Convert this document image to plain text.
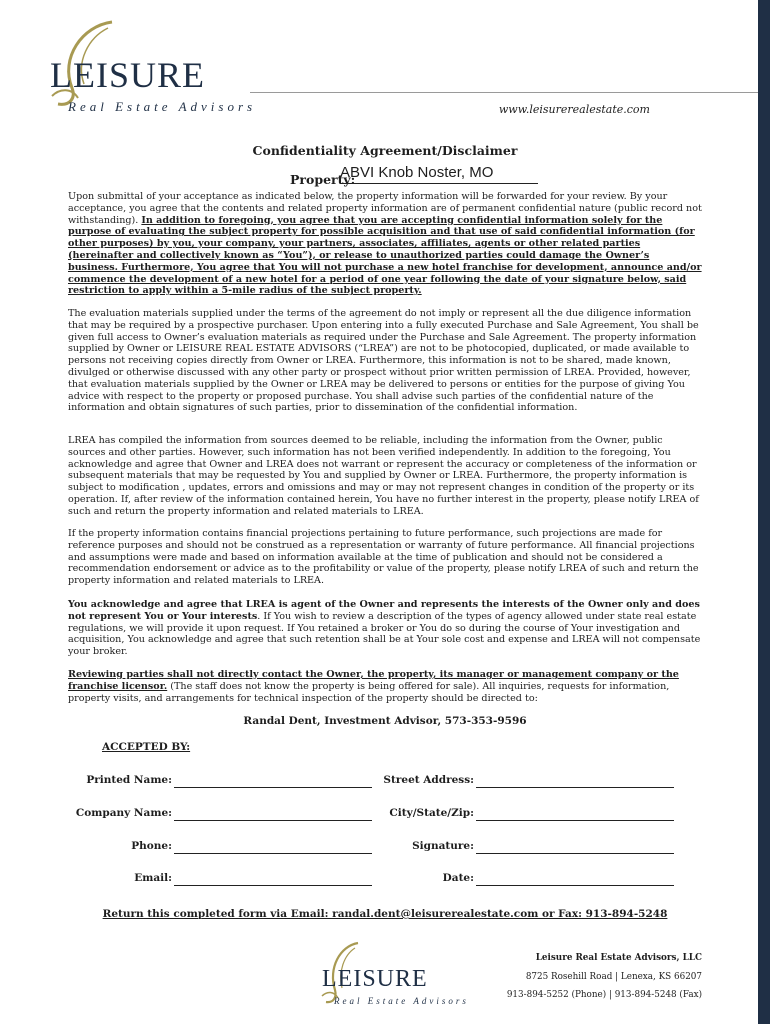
LEISURE
Real Estate Advisors	www.leisurerealestate.com
Confidentiality Agreement/Disclaimer
Property:
ABVI Knob Noster, MO

Upon submittal of your acceptance as indicated below, the property information will be forwarded for your review. By your acceptance, you agree that the contents and related property information are of permanent confidential nature (public record not withstanding). In addition to foregoing, you agree that you are accepting confidential information solely for the purpose of evaluating the subject property for possible acquisition and that use of said confidential information (for other purposes) by you, your company, your partners, associates, affiliates, agents or other related parties (hereinafter and collectively known as “You”), or release to unauthorized parties could damage the Owner’s business. Furthermore, You agree that You will not purchase a new hotel franchise for development, announce and/or commence the development of a new hotel for a period of one year following the date of your signature below, said restriction to apply within a 5-mile radius of the subject property.

The evaluation materials supplied under the terms of the agreement do not imply or represent all the due diligence information that may be required by a prospective purchaser. Upon entering into a fully executed Purchase and Sale Agreement, You shall be given full access to Owner’s evaluation materials as required under the Purchase and Sale Agreement. The property information supplied by Owner or LEISURE REAL ESTATE ADVISORS (“LREA”) are not to be photocopied, duplicated, or made available to persons not receiving copies directly from Owner or LREA. Furthermore, this information is not to be shared, made known, divulged or otherwise discussed with any other party or prospect without prior written permission of LREA. Provided, however, that evaluation materials supplied by the Owner or LREA may be delivered to persons or entities for the purpose of giving You advice with respect to the property or proposed purchase. You shall advise such parties of the confidential nature of the information and obtain signatures of such parties, prior to dissemination of the confidential information.

LREA has compiled the information from sources deemed to be reliable, including the information from the Owner, public sources and other parties. However, such information has not been verified independently. In addition to the foregoing, You acknowledge and agree that Owner and LREA does not warrant or represent the accuracy or completeness of the information or subsequent materials that may be requested by You and supplied by Owner or LREA. Furthermore, the property information is subject to modification , updates, errors and omissions and may or may not represent changes in condition of the property or its operation. If, after review of the information contained herein, You have no further interest in the property, please notify LREA of such and return the property information and related materials to LREA.

If the property information contains financial projections pertaining to future performance, such projections are made for reference purposes and should not be construed as a representation or warranty of future performance. All financial projections and assumptions were made and based on information available at the time of publication and should not be considered a recommendation endorsement or advice as to the profitability or value of the property, please notify LREA of such and return the property information and related materials to LREA.

You acknowledge and agree that LREA is agent of the Owner and represents the interests of the Owner only and does not represent You or Your interests. If You wish to review a description of the types of agency allowed under state real estate regulations, we will provide it upon request. If You retained a broker or You do so during the course of Your investigation and acquisition, You acknowledge and agree that such retention shall be at Your sole cost and expense and LREA will not compensate your broker.

Reviewing parties shall not directly contact the Owner, the property, its manager or management company or the franchise licensor. (The staff does not know the property is being offered for sale). All inquiries, requests for information, property visits, and arrangements for technical inspection of the property should be directed to:

Randal Dent, Investment Advisor, 573-353-9596
ACCEPTED BY:
Printed Name:	Street Address:
Company Name:	City/State/Zip:
Phone:	Signature:
Email:	Date:
Return this completed form via Email: randal.dent@leisurerealestate.com or Fax: 913-894-5248
LEISURE
Real Estate Advisors
Leisure Real Estate Advisors, LLC
8725 Rosehill Road | Lenexa, KS 66207
913-894-5252 (Phone) | 913-894-5248 (Fax)
